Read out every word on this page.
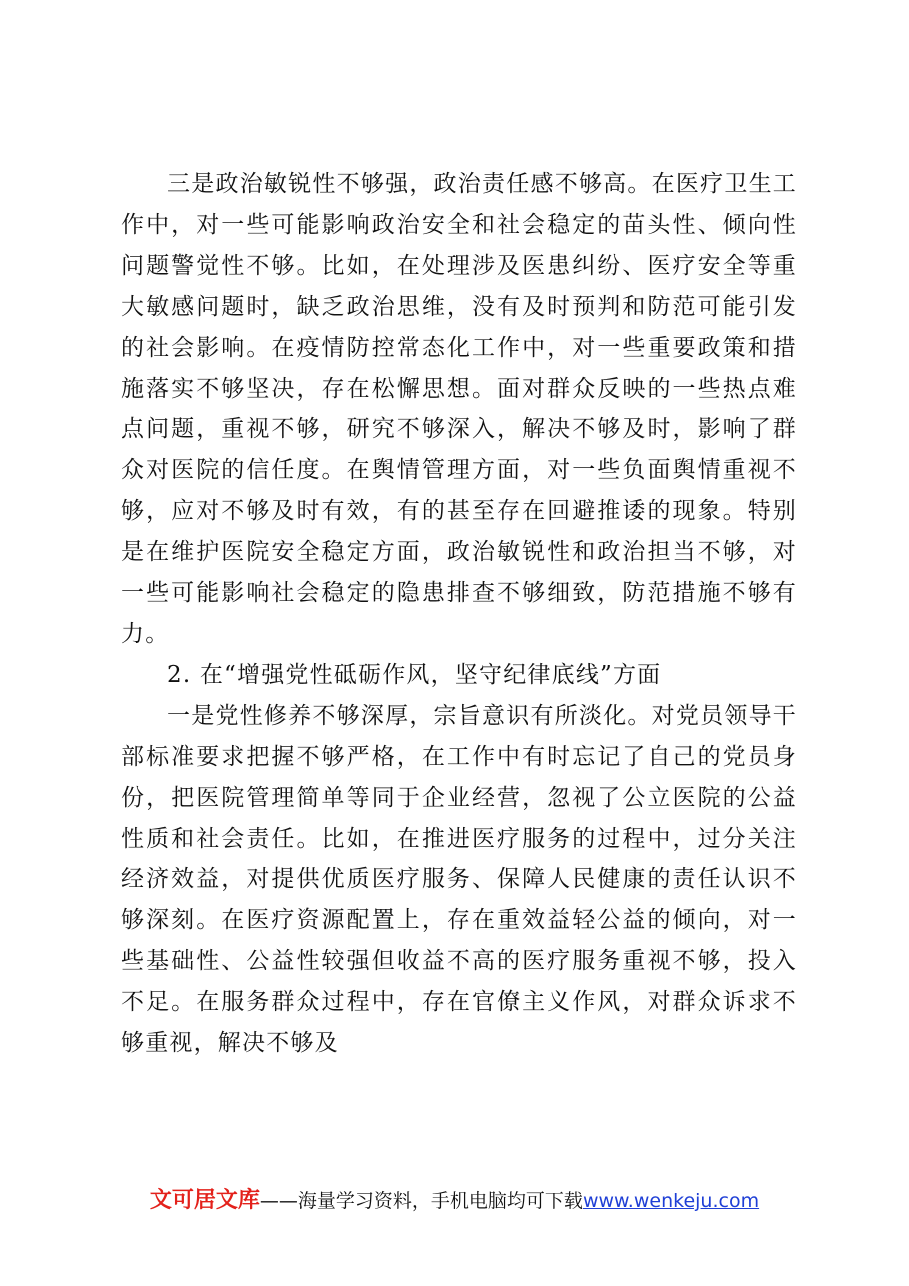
三是政治敏锐性不够强，政治责任感不够高。在医疗卫生工作中，对一些可能影响政治安全和社会稳定的苗头性、倾向性问题警觉性不够。比如，在处理涉及医患纠纷、医疗安全等重大敏感问题时，缺乏政治思维，没有及时预判和防范可能引发的社会影响。在疫情防控常态化工作中，对一些重要政策和措施落实不够坚决，存在松懈思想。面对群众反映的一些热点难点问题，重视不够，研究不够深入，解决不够及时，影响了群众对医院的信任度。在舆情管理方面，对一些负面舆情重视不够，应对不够及时有效，有的甚至存在回避推诿的现象。特别是在维护医院安全稳定方面，政治敏锐性和政治担当不够，对一些可能影响社会稳定的隐患排查不够细致，防范措施不够有力。

2. 在“增强党性砥砺作风，坚守纪律底线”方面

一是党性修养不够深厚，宗旨意识有所淡化。对党员领导干部标准要求把握不够严格，在工作中有时忘记了自己的党员身份，把医院管理简单等同于企业经营，忽视了公立医院的公益性质和社会责任。比如，在推进医疗服务的过程中，过分关注经济效益，对提供优质医疗服务、保障人民健康的责任认识不够深刻。在医疗资源配置上，存在重效益轻公益的倾向，对一些基础性、公益性较强但收益不高的医疗服务重视不够，投入不足。在服务群众过程中，存在官僚主义作风，对群众诉求不够重视，解决不够及

文可居文库——海量学习资料，手机电脑均可下载www.wenkeju.com
